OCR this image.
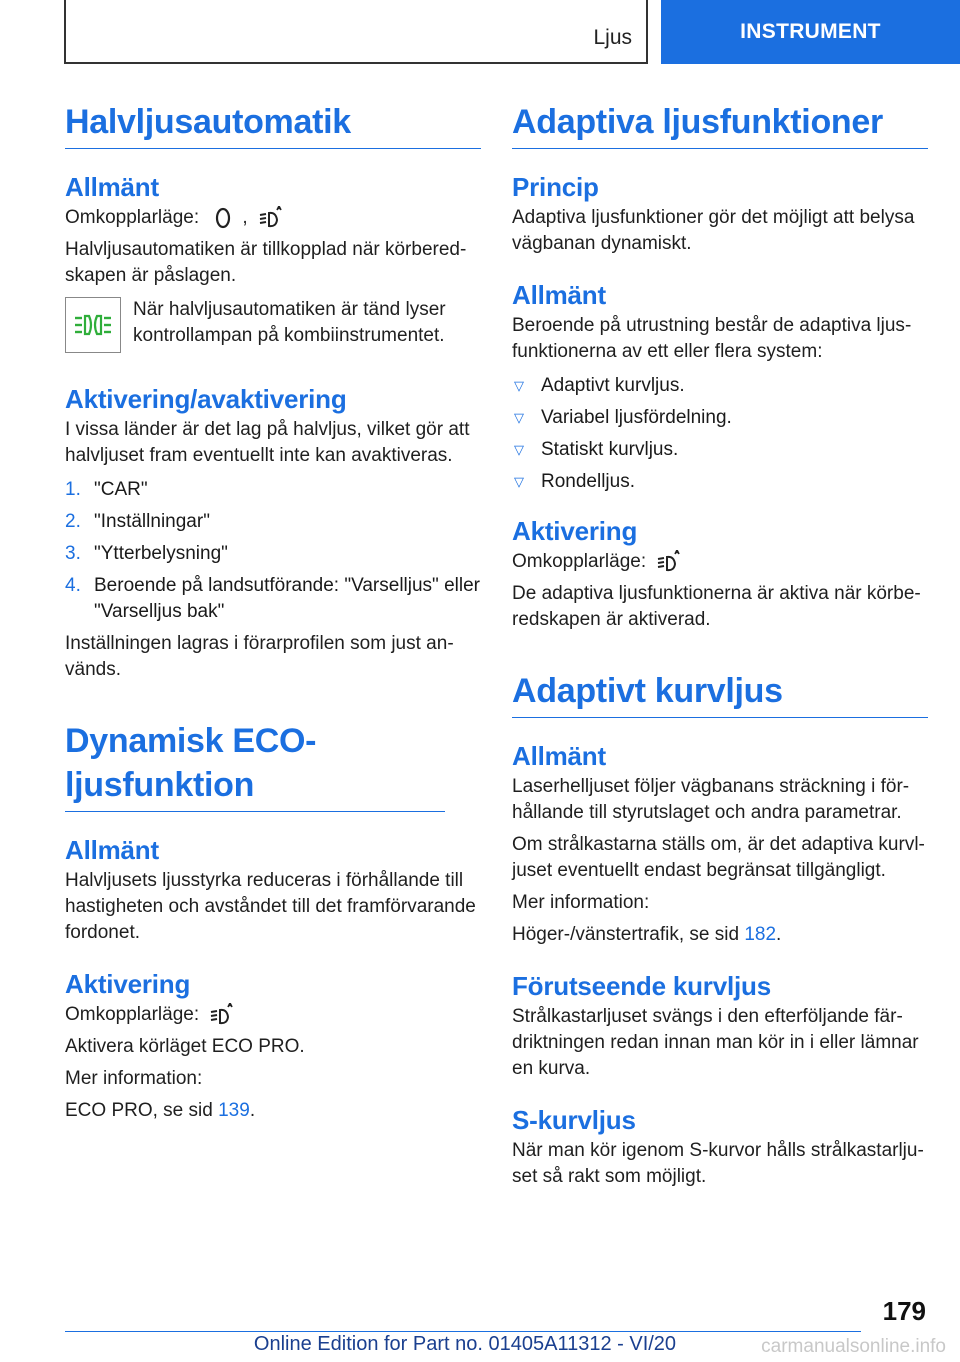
Ljus	INSTRUMENT
Halvljusautomatik
Allmänt

Omkopplarläge: ,

Halvljusautomatiken är tillkopplad när körberedskapen är påslagen.

När halvljusautomatiken är tänd lyser kontrollampan på kombiinstrumentet.

Aktivering/avaktivering

I vissa länder är det lag på halvljus, vilket gör att halvljuset fram eventuellt inte kan avaktiveras.

1. "CAR"
2. "Inställningar"
3. "Ytterbelysning"
4. Beroende på landsutförande: "Varselljus" eller "Varselljus bak"

Inställningen lagras i förarprofilen som just används.

Dynamisk ECO-ljusfunktion
Allmänt

Halvljusets ljusstyrka reduceras i förhållande till hastigheten och avståndet till det framförvarande fordonet.

Aktivering

Omkopplarläge:

Aktivera körläget ECO PRO.

Mer information:

ECO PRO, se sid 139.

Adaptiva ljusfunktioner
Princip

Adaptiva ljusfunktioner gör det möjligt att belysa vägbanan dynamiskt.

Allmänt

Beroende på utrustning består de adaptiva ljusfunktionerna av ett eller flera system:

▽ Adaptivt kurvljus.
▽ Variabel ljusfördelning.
▽ Statiskt kurvljus.
▽ Rondelljus.
Aktivering

Omkopplarläge:

De adaptiva ljusfunktionerna är aktiva när körberedskapen är aktiverad.

Adaptivt kurvljus
Allmänt

Laserhelljuset följer vägbanans sträckning i förhållande till styrutslaget och andra parametrar.

Om strålkastarna ställs om, är det adaptiva kurvljuset eventuellt endast begränsat tillgängligt.

Mer information:

Höger-/vänstertrafik, se sid 182.

Förutseende kurvljus

Strålkastarljuset svängs i den efterföljande färdriktningen redan innan man kör in i eller lämnar en kurva.

S-kurvljus

När man kör igenom S-kurvor hålls strålkastarljuset så rakt som möjligt.

179
Online Edition for Part no. 01405A11312 - VI/20	carmanualsonline.info
